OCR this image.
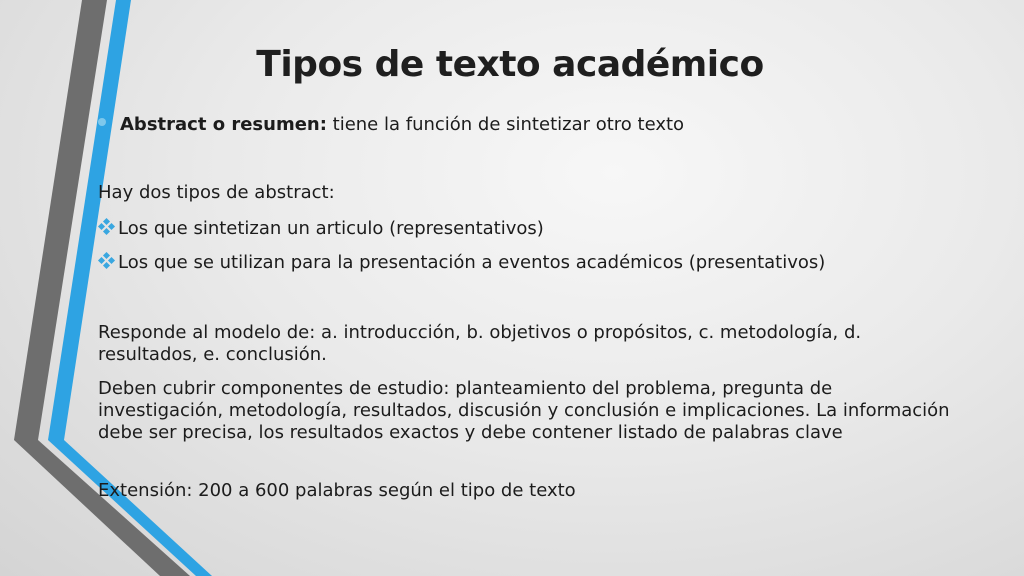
Tipos de texto académico

Abstract o resumen: tiene la función de sintetizar otro texto

Hay dos tipos de abstract:

Los que sintetizan un articulo (representativos)

Los que se utilizan para la presentación a eventos académicos (presentativos)

Responde al modelo de: a. introducción, b. objetivos o propósitos, c. metodología, d. resultados, e. conclusión.

Deben cubrir componentes de estudio: planteamiento del problema, pregunta de investigación, metodología, resultados, discusión y conclusión e implicaciones. La información debe ser precisa, los resultados exactos y debe contener listado de palabras clave

Extensión: 200 a 600 palabras según el tipo de texto
